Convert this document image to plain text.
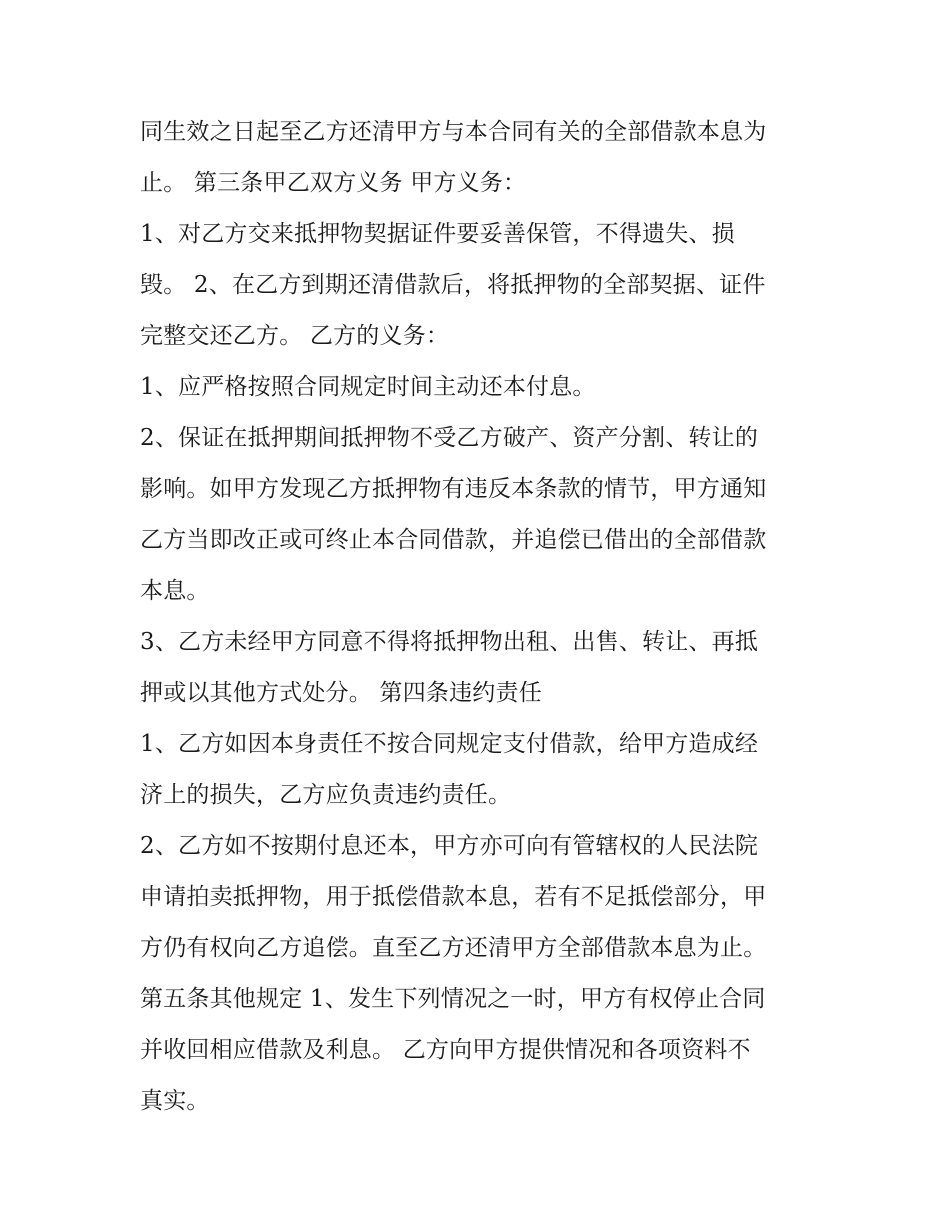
同生效之日起至乙方还清甲方与本合同有关的全部借款本息为
止。 第三条甲乙双方义务 甲方义务：
1、对乙方交来抵押物契据证件要妥善保管，不得遗失、损
毁。 2、在乙方到期还清借款后，将抵押物的全部契据、证件
完整交还乙方。 乙方的义务：
1、应严格按照合同规定时间主动还本付息。
2、保证在抵押期间抵押物不受乙方破产、资产分割、转让的
影响。如甲方发现乙方抵押物有违反本条款的情节，甲方通知
乙方当即改正或可终止本合同借款，并追偿已借出的全部借款
本息。
3、乙方未经甲方同意不得将抵押物出租、出售、转让、再抵
押或以其他方式处分。 第四条违约责任
1、乙方如因本身责任不按合同规定支付借款，给甲方造成经
济上的损失，乙方应负责违约责任。
2、乙方如不按期付息还本，甲方亦可向有管辖权的人民法院
申请拍卖抵押物，用于抵偿借款本息，若有不足抵偿部分，甲
方仍有权向乙方追偿。直至乙方还清甲方全部借款本息为止。
第五条其他规定 1、发生下列情况之一时，甲方有权停止合同
并收回相应借款及利息。 乙方向甲方提供情况和各项资料不
真实。
